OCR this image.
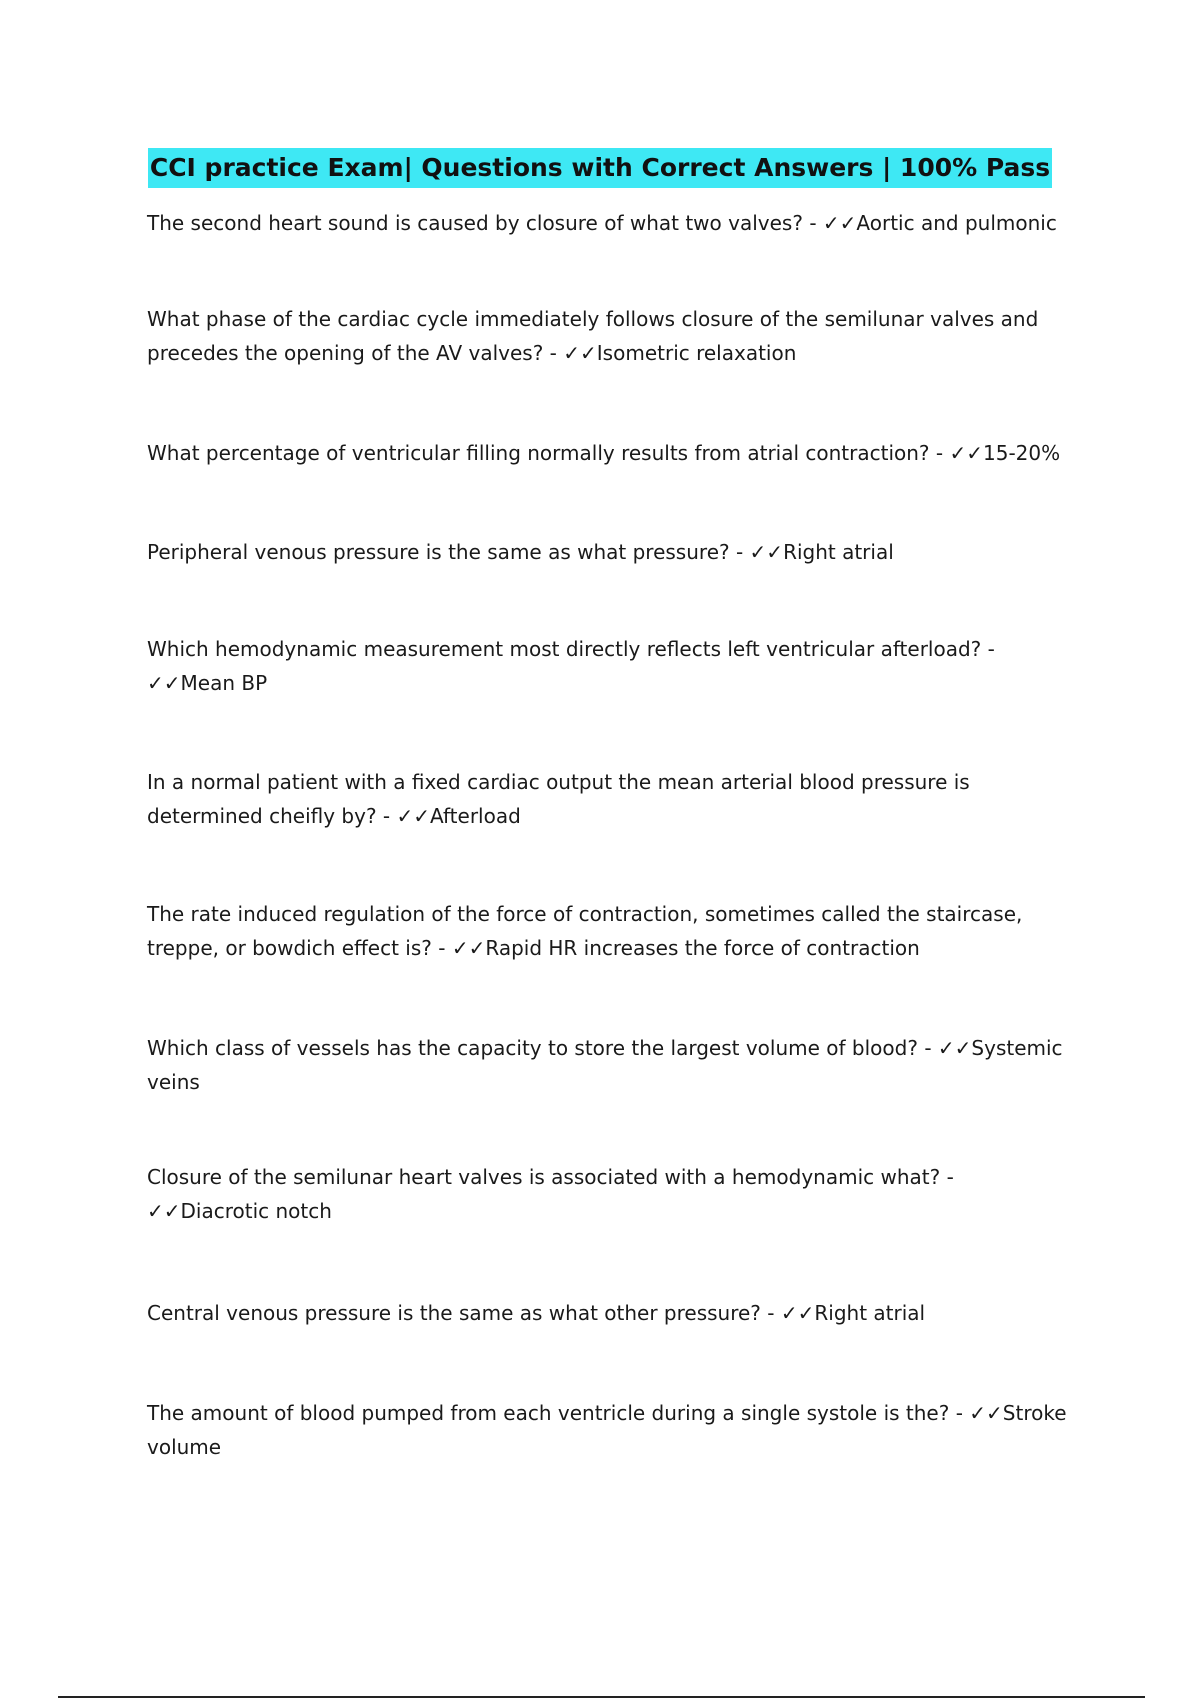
CCI practice Exam| Questions with Correct Answers | 100% Pass
The second heart sound is caused by closure of what two valves? - ✓✓Aortic and pulmonic
What phase of the cardiac cycle immediately follows closure of the semilunar valves and precedes the opening of the AV valves? - ✓✓Isometric relaxation
What percentage of ventricular filling normally results from atrial contraction? - ✓✓15-20%
Peripheral venous pressure is the same as what pressure? - ✓✓Right atrial
Which hemodynamic measurement most directly reflects left ventricular afterload? - ✓✓Mean BP
In a normal patient with a fixed cardiac output the mean arterial blood pressure is determined cheifly by? - ✓✓Afterload
The rate induced regulation of the force of contraction, sometimes called the staircase, treppe, or bowdich effect is? - ✓✓Rapid HR increases the force of contraction
Which class of vessels has the capacity to store the largest volume of blood? - ✓✓Systemic veins
Closure of the semilunar heart valves is associated with a hemodynamic what? - ✓✓Diacrotic notch
Central venous pressure is the same as what other pressure? - ✓✓Right atrial
The amount of blood pumped from each ventricle during a single systole is the? - ✓✓Stroke volume
